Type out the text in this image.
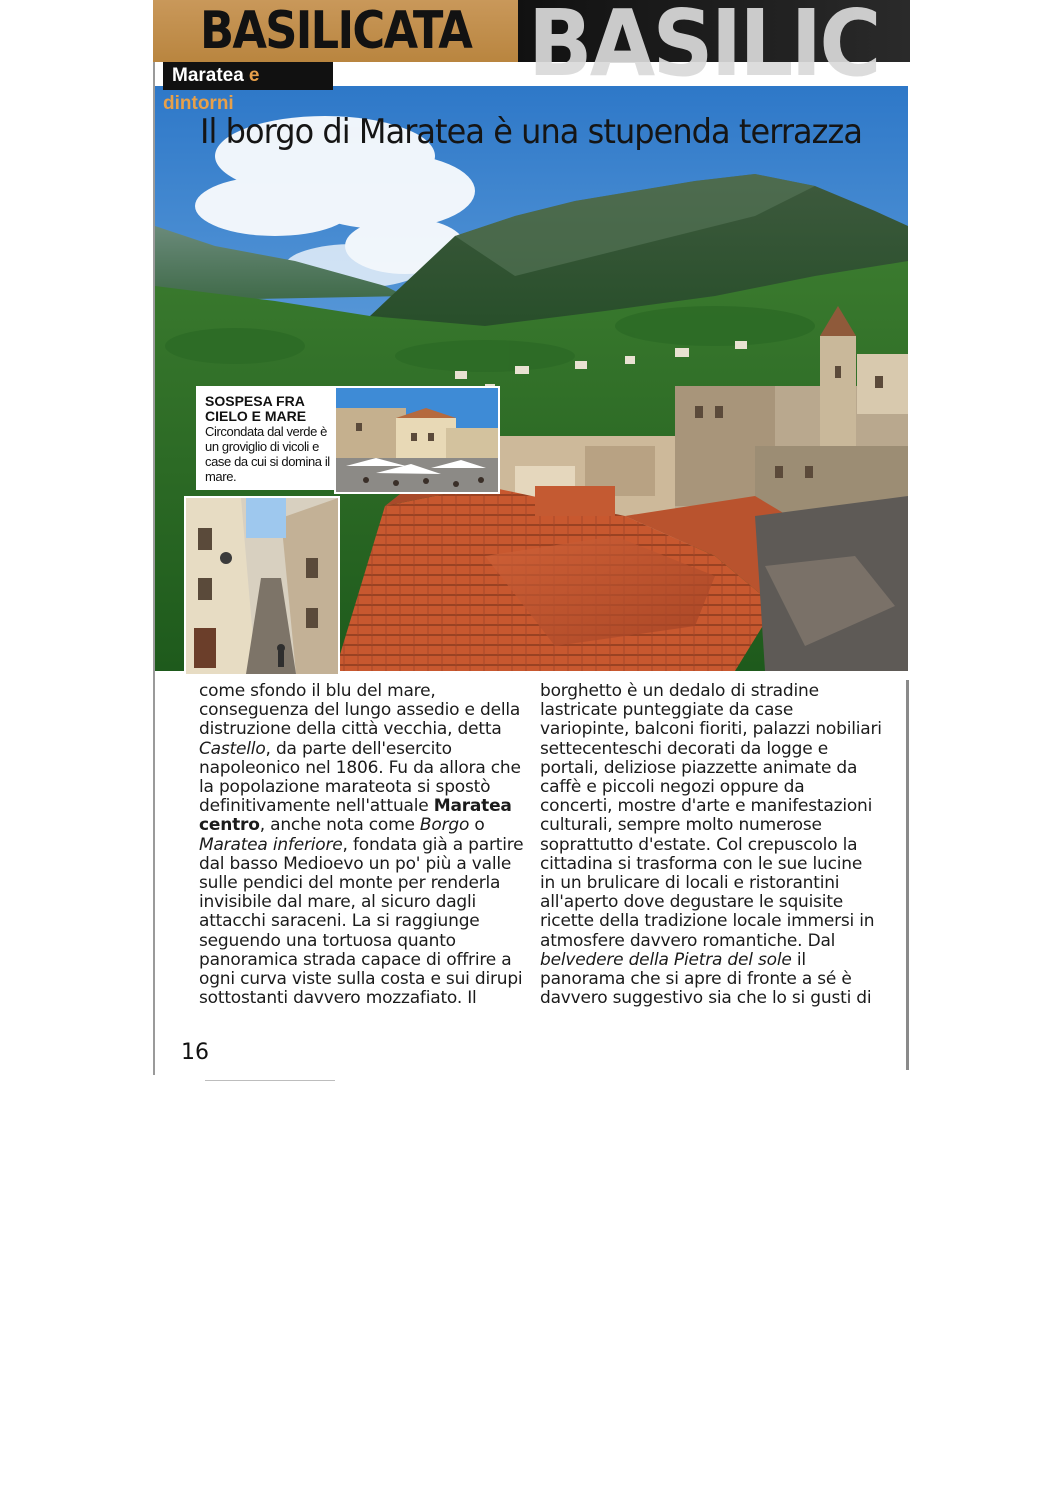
BASILICATA BASILIC
Maratea e dintorni
Il borgo di Maratea è una stupenda terrazza
SOSPESA FRA CIELO E MARE
Circondata dal verde è un groviglio di vicoli e case da cui si domina il mare.
come sfondo il blu del mare,
conseguenza del lungo assedio e della
distruzione della città vecchia, detta
Castello, da parte dell'esercito
napoleonico nel 1806. Fu da allora che
la popolazione marateota si spostò
definitivamente nell'attuale Maratea
centro, anche nota come Borgo o
Maratea inferiore, fondata già a partire
dal basso Medioevo un po' più a valle
sulle pendici del monte per renderla
invisibile dal mare, al sicuro dagli
attacchi saraceni. La si raggiunge
seguendo una tortuosa quanto
panoramica strada capace di offrire a
ogni curva viste sulla costa e sui dirupi
sottostanti davvero mozzafiato. Il
borghetto è un dedalo di stradine
lastricate punteggiate da case
variopinte, balconi fioriti, palazzi nobiliari
settecenteschi decorati da logge e
portali, deliziose piazzette animate da
caffè e piccoli negozi oppure da
concerti, mostre d'arte e manifestazioni
culturali, sempre molto numerose
soprattutto d'estate. Col crepuscolo la
cittadina si trasforma con le sue lucine
in un brulicare di locali e ristorantini
all'aperto dove degustare le squisite
ricette della tradizione locale immersi in
atmosfere davvero romantiche. Dal
belvedere della Pietra del sole il
panorama che si apre di fronte a sé è
davvero suggestivo sia che lo si gusti di
16
